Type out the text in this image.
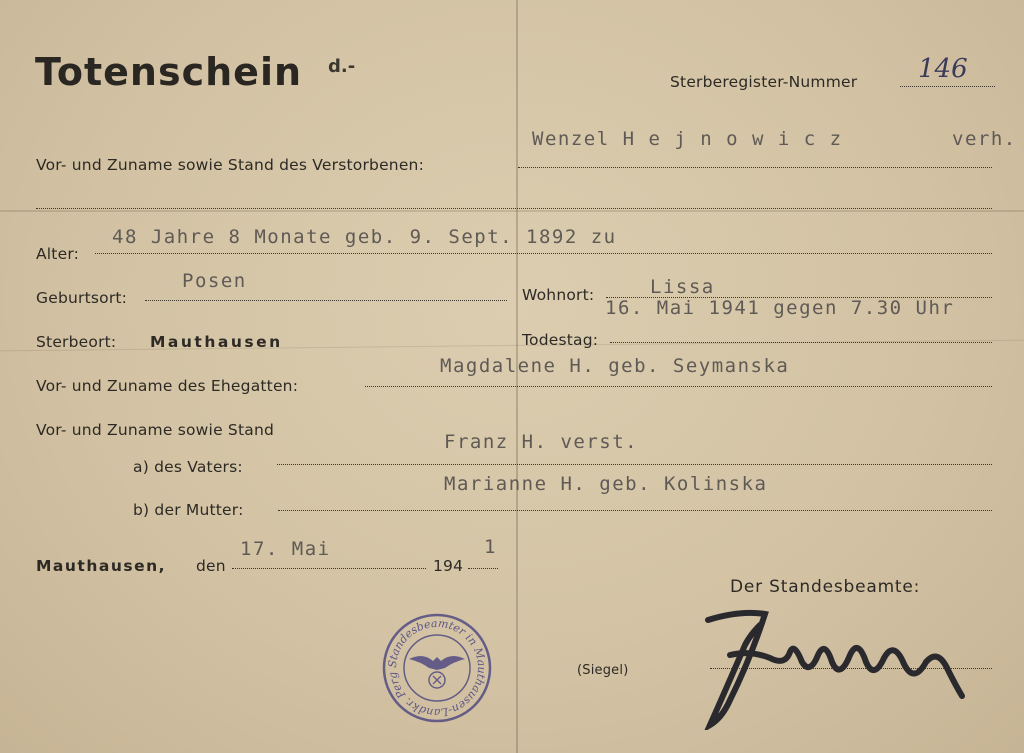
Totenschein d.-
Sterberegister-Nummer 146
Vor- und Zuname sowie Stand des Verstorbenen:
Wenzel H e j n o w i c z	verh.
Alter:
48 Jahre 8 Monate geb. 9. Sept. 1892 zu
Geburtsort:
Posen
Wohnort:	Lissa
Sterbeort: Mauthausen	Todestag:
16. Mai 1941 gegen 7.30 Uhr
Vor- und Zuname des Ehegatten:
Magdalene H. geb. Seymanska
Vor- und Zuname sowie Stand
a) des Vaters:
Franz H. verst.
b) der Mutter:
Marianne H. geb. Kolinska
Mauthausen, den
17. Mai
194
1
Der Standesbeamte:
(Siegel)
Standesbeamter in Mauthausen-Landkr. Perg
